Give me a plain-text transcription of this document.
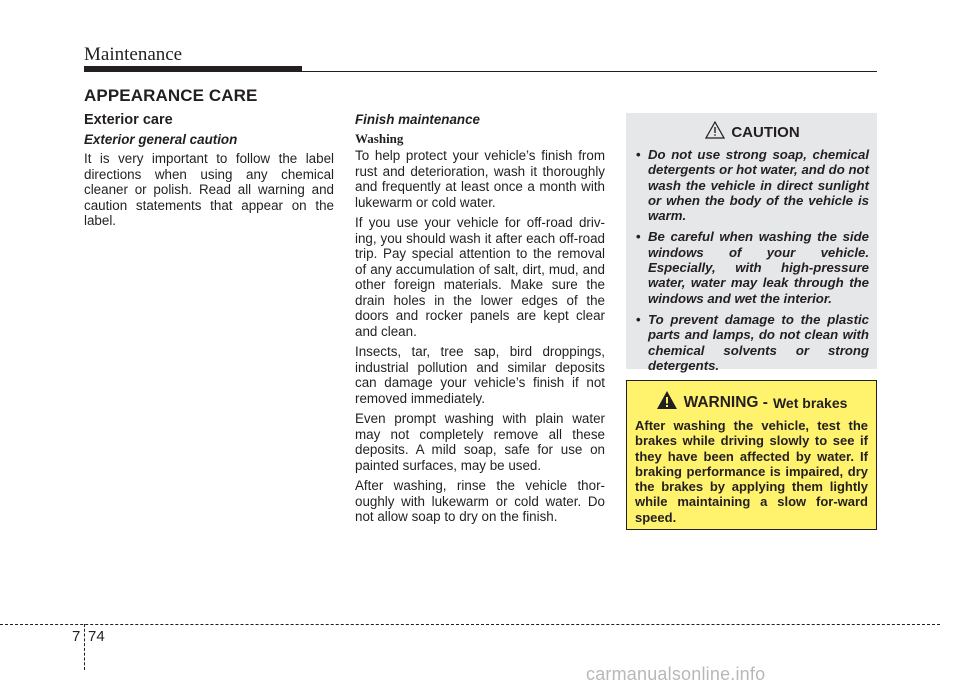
Maintenance
APPEARANCE CARE
Exterior care
Exterior general caution

It is very important to follow the label directions when using any chemical cleaner or polish. Read all warning and caution statements that appear on the label.

Finish maintenance
Washing

To help protect your vehicle’s finish from rust and deterioration, wash it thoroughly and frequently at least once a month with lukewarm or cold water.

If you use your vehicle for off-road driv-ing, you should wash it after each off-road trip. Pay special attention to the removal of any accumulation of salt, dirt, mud, and other foreign materials. Make sure the drain holes in the lower edges of the doors and rocker panels are kept clear and clean.

Insects, tar, tree sap, bird droppings, industrial pollution and similar deposits can damage your vehicle’s finish if not removed immediately.

Even prompt washing with plain water may not completely remove all these deposits. A mild soap, safe for use on painted surfaces, may be used.

After washing, rinse the vehicle thor-oughly with lukewarm or cold water. Do not allow soap to dry on the finish.

CAUTION
• Do not use strong soap, chemical detergents or hot water, and do not wash the vehicle in direct sunlight or when the body of the vehicle is warm.
• Be careful when washing the side windows of your vehicle. Especially, with high-pressure water, water may leak through the windows and wet the interior.
• To prevent damage to the plastic parts and lamps, do not clean with chemical solvents or strong detergents.
WARNING - Wet brakes
After washing the vehicle, test the brakes while driving slowly to see if they have been affected by water. If braking performance is impaired, dry the brakes by applying them lightly while maintaining a slow for-ward speed.
7 74
carmanualsonline.info
